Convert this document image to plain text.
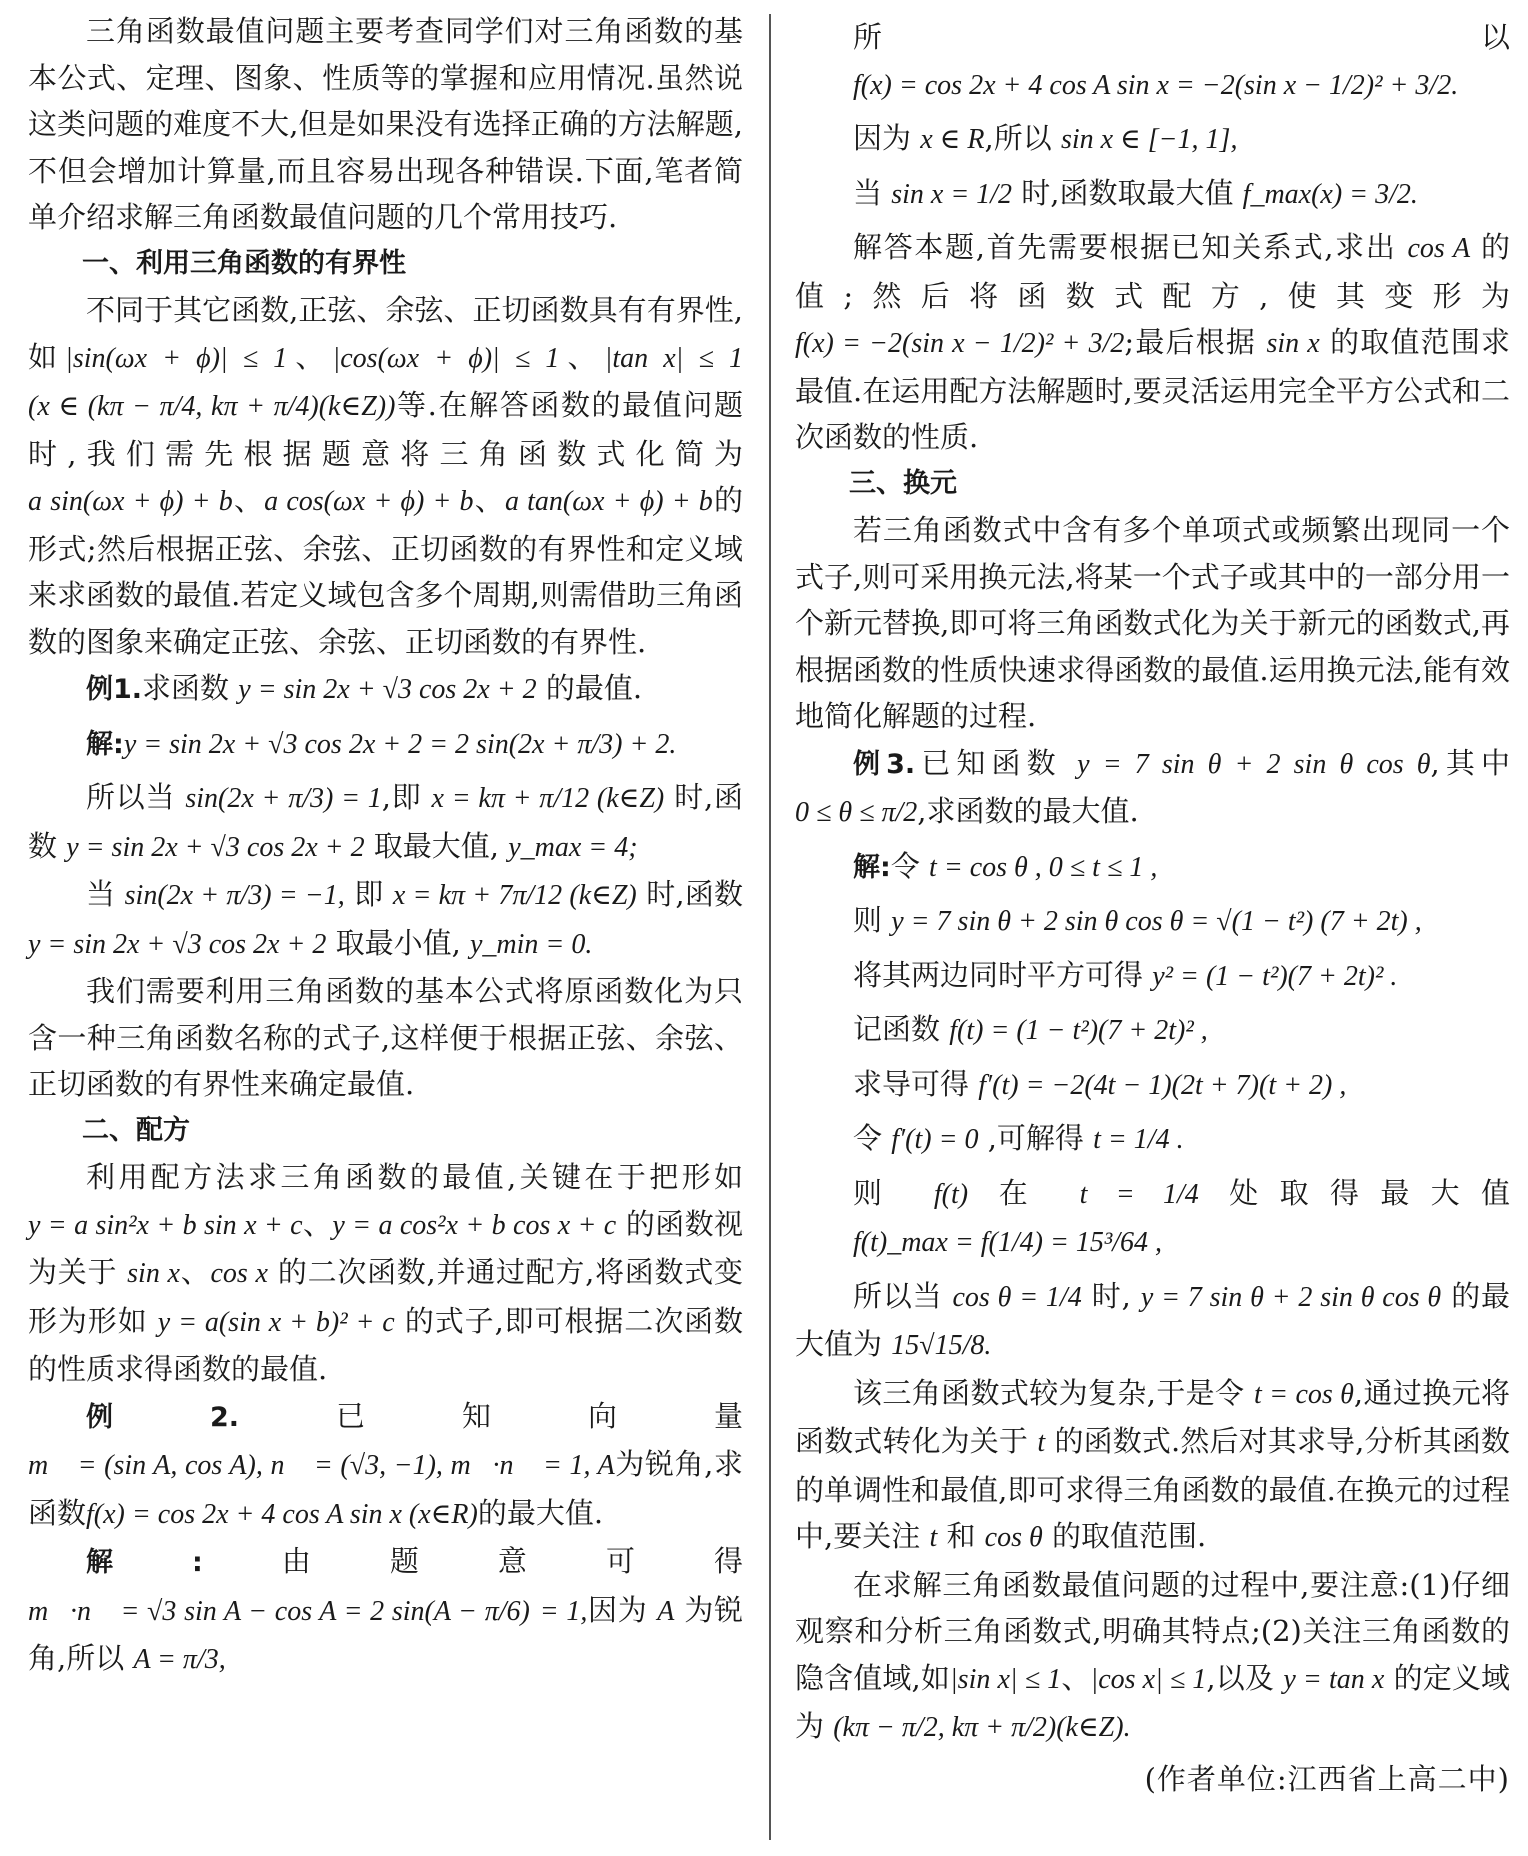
三角函数最值问题主要考查同学们对三角函数的基本公式、定理、图象、性质等的掌握和应用情况.虽然说这类问题的难度不大,但是如果没有选择正确的方法解题,不但会增加计算量,而且容易出现各种错误.下面,笔者简单介绍求解三角函数最值问题的几个常用技巧.

一、利用三角函数的有界性

不同于其它函数,正弦、余弦、正切函数具有有界性,如|sin(ωx + ϕ)| ≤ 1、|cos(ωx + ϕ)| ≤ 1、|tan x| ≤ 1 (x ∈ (kπ − π/4, kπ + π/4)(k∈Z))等.在解答函数的最值问题时,我们需先根据题意将三角函数式化简为a sin(ωx + ϕ) + b、a cos(ωx + ϕ) + b、a tan(ωx + ϕ) + b的形式;然后根据正弦、余弦、正切函数的有界性和定义域来求函数的最值.若定义域包含多个周期,则需借助三角函数的图象来确定正弦、余弦、正切函数的有界性.

例1.求函数 y = sin 2x + √3 cos 2x + 2 的最值.

解:y = sin 2x + √3 cos 2x + 2 = 2 sin(2x + π/3) + 2.

所以当 sin(2x + π/3) = 1,即 x = kπ + π/12 (k∈Z) 时,函数 y = sin 2x + √3 cos 2x + 2 取最大值, y_max = 4;

当 sin(2x + π/3) = −1, 即 x = kπ + 7π/12 (k∈Z) 时,函数 y = sin 2x + √3 cos 2x + 2 取最小值, y_min = 0.

我们需要利用三角函数的基本公式将原函数化为只含一种三角函数名称的式子,这样便于根据正弦、余弦、正切函数的有界性来确定最值.

二、配方

利用配方法求三角函数的最值,关键在于把形如y = a sin²x + b sin x + c、y = a cos²x + b cos x + c 的函数视为关于 sin x、cos x 的二次函数,并通过配方,将函数式变形为形如 y = a(sin x + b)² + c 的式子,即可根据二次函数的性质求得函数的最值.

例2.已知向量m⃗ = (sin A, cos A), n⃗ = (√3, −1), m⃗·n⃗ = 1, A为锐角,求函数f(x) = cos 2x + 4 cos A sin x (x∈R)的最大值.

解:由题意可得 m⃗·n⃗ = √3 sin A − cos A = 2 sin(A − π/6) = 1,因为 A 为锐角,所以 A = π/3,

所以 f(x) = cos 2x + 4 cos A sin x = −2(sin x − 1/2)² + 3/2.

因为 x ∈ R,所以 sin x ∈ [−1, 1],

当 sin x = 1/2 时,函数取最大值 f_max(x) = 3/2.

解答本题,首先需要根据已知关系式,求出 cos A 的值;然后将函数式配方,使其变形为 f(x) = −2(sin x − 1/2)² + 3/2;最后根据 sin x 的取值范围求最值.在运用配方法解题时,要灵活运用完全平方公式和二次函数的性质.

三、换元

若三角函数式中含有多个单项式或频繁出现同一个式子,则可采用换元法,将某一个式子或其中的一部分用一个新元替换,即可将三角函数式化为关于新元的函数式,再根据函数的性质快速求得函数的最值.运用换元法,能有效地简化解题的过程.

例3.已知函数 y = 7 sin θ + 2 sin θ cos θ,其中 0 ≤ θ ≤ π/2,求函数的最大值.

解:令 t = cos θ , 0 ≤ t ≤ 1 ,

则 y = 7 sin θ + 2 sin θ cos θ = √(1 − t²) (7 + 2t) ,

将其两边同时平方可得 y² = (1 − t²)(7 + 2t)² .

记函数 f(t) = (1 − t²)(7 + 2t)² ,

求导可得 f′(t) = −2(4t − 1)(2t + 7)(t + 2) ,

令 f′(t) = 0 ,可解得 t = 1/4 .

则 f(t) 在 t = 1/4 处取得最大值 f(t)_max = f(1/4) = 15³/64 ,

所以当 cos θ = 1/4 时, y = 7 sin θ + 2 sin θ cos θ 的最大值为 15√15/8.

该三角函数式较为复杂,于是令 t = cos θ,通过换元将函数式转化为关于 t 的函数式.然后对其求导,分析其函数的单调性和最值,即可求得三角函数的最值.在换元的过程中,要关注 t 和 cos θ 的取值范围.

在求解三角函数最值问题的过程中,要注意:(1)仔细观察和分析三角函数式,明确其特点;(2)关注三角函数的隐含值域,如|sin x| ≤ 1、|cos x| ≤ 1,以及 y = tan x 的定义域为 (kπ − π/2, kπ + π/2)(k∈Z).

(作者单位:江西省上高二中)
